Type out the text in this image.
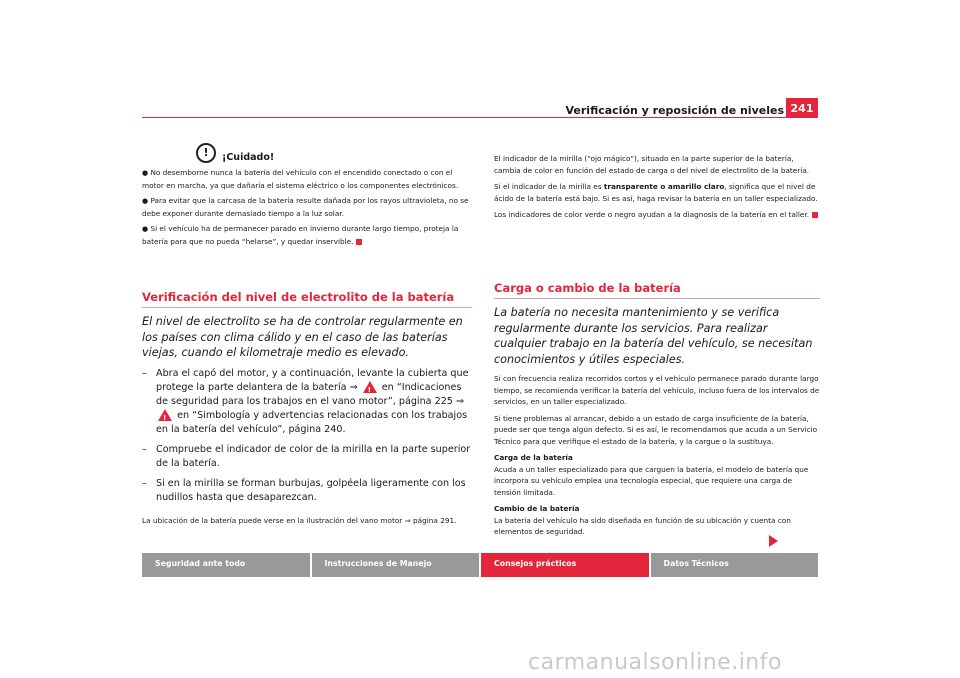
Verificación y reposición de niveles 241
!	¡Cuidado!
● No desemborne nunca la batería del vehículo con el encendido conectado o con el motor en marcha, ya que dañaría el sistema eléctrico o los componentes electrónicos.
● Para evitar que la carcasa de la batería resulte dañada por los rayos ultravioleta, no se debe exponer durante demasiado tiempo a la luz solar.
● Si el vehículo ha de permanecer parado en invierno durante largo tiempo, proteja la batería para que no pueda “helarse”, y quedar inservible.
Verificación del nivel de electrolito de la batería
El nivel de electrolito se ha de controlar regularmente en los países con clima cálido y en el caso de las baterías viejas, cuando el kilometraje medio es elevado.
– Abra el capó del motor, y a continuación, levante la cubierta que protege la parte delantera de la batería ⇒ !	en “Indicaciones de seguridad para los trabajos en el vano motor”, página 225 ⇒ ! en “Simbología y advertencias relacionadas con los trabajos en la batería del vehículo”, página 240.
– Compruebe el indicador de color de la mirilla en la parte superior de la batería.
– Si en la mirilla se forman burbujas, golpéela ligeramente con los nudillos hasta que desaparezcan.
La ubicación de la batería puede verse en la ilustración del vano motor ⇒ página 291.
El indicador de la mirilla (“ojo mágico”), situado en la parte superior de la batería, cambia de color en función del estado de carga o del nivel de electrolito de la batería.
Si el indicador de la mirilla es transparente o amarillo claro, significa que el nivel de ácido de la batería está bajo. Si es así, haga revisar la batería en un taller especializado.
Los indicadores de color verde o negro ayudan a la diagnosis de la batería en el taller.
Carga o cambio de la batería
La batería no necesita mantenimiento y se verifica regularmente durante los servicios. Para realizar cualquier trabajo en la batería del vehículo, se necesitan conocimientos y útiles especiales.
Si con frecuencia realiza recorridos cortos y el vehículo permanece parado durante largo tiempo, se recomienda verificar la batería del vehículo, incluso fuera de los intervalos de servicios, en un taller especializado.
Si tiene problemas al arrancar, debido a un estado de carga insuficiente de la batería, puede ser que tenga algún defecto. Si es así, le recomendamos que acuda a un Servicio Técnico para que verifique el estado de la batería, y la cargue o la sustituya.
Carga de la batería
Acuda a un taller especializado para que carguen la batería, el modelo de batería que incorpora su vehículo emplea una tecnología especial, que requiere una carga de tensión limitada.
Cambio de la batería
La batería del vehículo ha sido diseñada en función de su ubicación y cuenta con elementos de seguridad.
Seguridad ante todo	Instrucciones de Manejo	Consejos prácticos	Datos Técnicos
carmanualsonline.info
